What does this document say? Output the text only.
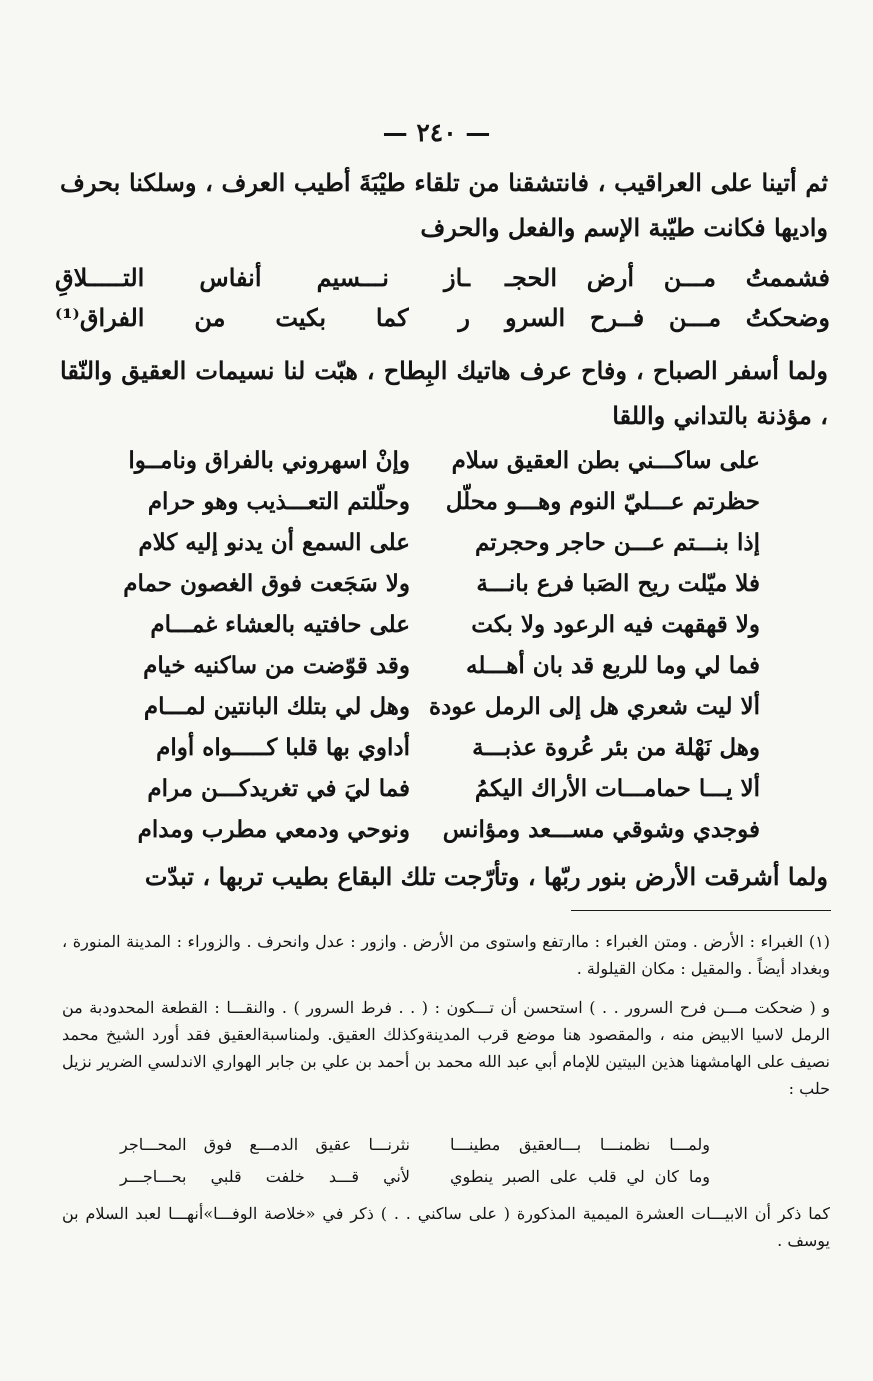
— ٢٤٠ —
ثم أتينا على العراقيب ، فانتشقنا من تلقاء طيْبَةَ أطيب العرف ، وسلكنا بحرف واديها فكانت طيّبة الإسم والفعل والحرف
فشممتُ مـــن أرض الحجـ
ـاز نـــسيم أنفاس التـــــلاقِ
وضحكتُ مـــن فــرح السرو
ر كما بكيت من الفراق⁽¹⁾
ولما أسفر الصباح ، وفاح عرف هاتيك البِطاح ، هبّت لنا نسيمات العقيق والنّقا ، مؤذنة بالتداني واللقا
على ساكـــني بطن العقيق سلام
وإنْ اسهروني بالفراق ونامــوا
حظرتم عـــليّ النوم وهـــو محلّل
وحلّلتم التعـــذيب وهو حرام
إذا بنـــتم عـــن حاجر وحجرتم
على السمع أن يدنو إليه كلام
فلا ميّلت ريح الصَبا فرع بانـــة
ولا سَجَعت فوق الغصون حمام
ولا قهقهت فيه الرعود ولا بكت
على حافتيه بالعشاء غمـــام
فما لي وما للربع قد بان أهـــله
وقد قوّضت من ساكنيه خيام
ألا ليت شعري هل إلى الرمل عودة
وهل لي بتلك البانتين لمـــام
وهل نَهْلة من بئر عُروة عذبـــة
أداوي بها قلبا كـــــواه أوام
ألا يـــا حمامـــات الأراك اليكمُ
فما ليَ في تغريدكـــن مرام
فوجدي وشوقي مســـعد ومؤانس
ونوحي ودمعي مطرب ومدام
ولما أشرقت الأرض بنور ربّها ، وتأرّجت تلك البقاع بطيب تربها ، تبدّت
(١) الغبراء : الأرض . ومتن الغبراء : ماارتفع واستوى من الأرض . وازور : عدل وانحرف . والزوراء : المدينة المنورة ، وبغداد أيضاً . والمقيل : مكان القيلولة .
و ( ضحكت مـــن فرح السرور . . ) استحسن أن تـــكون : ( . . فرط السرور ) . والنقـــا : القطعة المحدودبة من الرمل لاسيا الابيض منه ، والمقصود هنا موضع قرب المدينةوكذلك العقيق. ولمناسبةالعقيق فقد أورد الشيخ محمد نصيف على الهامشهنا هذين البيتين للإمام أبي عبد الله محمد بن أحمد بن علي بن جابر الهواري الاندلسي الضرير نزيل حلب :
ولمـــا نظمنـــا بـــالعقيق مطينـــا
نثرنـــا عقيق الدمـــع فوق المحـــاجر
وما كان لي قلب على الصبر ينطوي
لأني قـــد خلفت قلبي بحـــاجـــر
كما ذكر أن الابيـــات العشرة الميمية المذكورة ( على ساكني . . ) ذكر في «خلاصة الوفـــا»أنهـــا لعبد السلام بن يوسف .
